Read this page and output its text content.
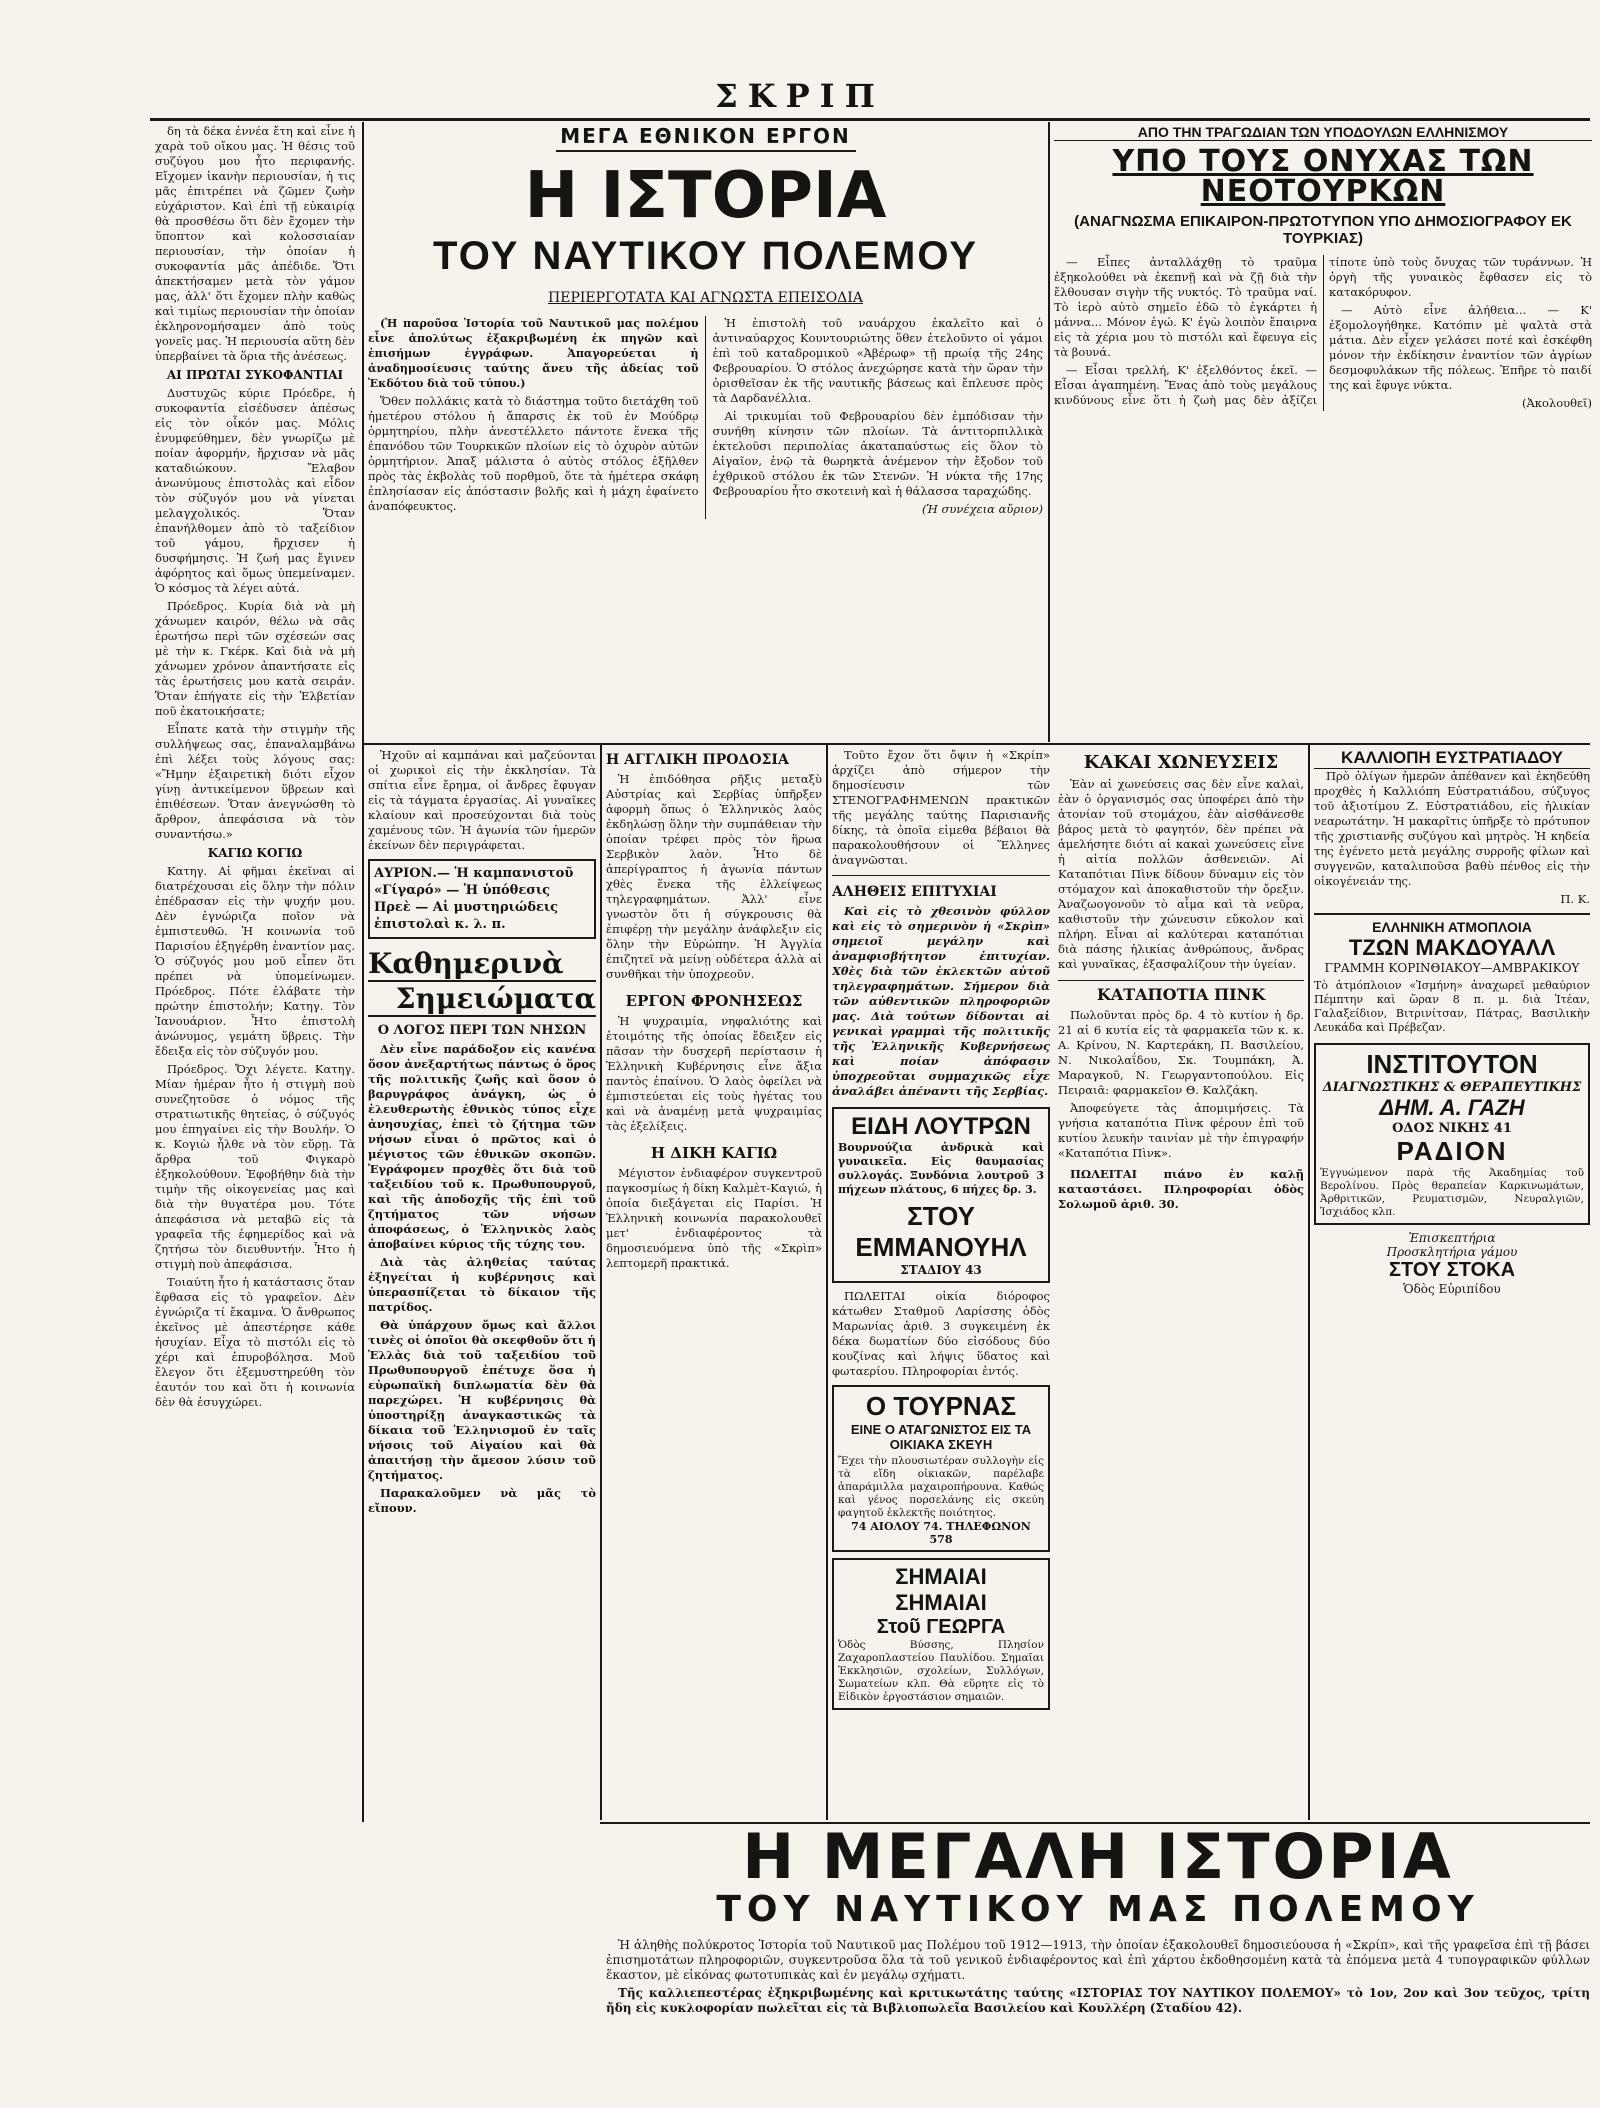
ΣΚΡΙΠ

δη τὰ δέκα ἐννέα ἔτη καὶ εἶνε ἡ χαρὰ τοῦ οἴκου μας. Ἡ θέσις τοῦ συζύγου μου ἦτο περιφανής. Εἴχομεν ἱκανὴν περιουσίαν, ἡ τις μᾶς ἐπιτρέπει νὰ ζῶμεν ζωὴν εὐχάριστον. Καὶ ἐπὶ τῇ εὐκαιρίᾳ θὰ προσθέσω ὅτι δὲν ἔχομεν τὴν ὕποπτον καὶ κολοσσιαίαν περιουσίαν, τὴν ὁποίαν ἡ συκοφαντία μᾶς ἀπέδιδε. Ὅτι ἀπεκτήσαμεν μετὰ τὸν γάμον μας, ἀλλ' ὅτι ἔχομεν πλὴν καθὼς καὶ τιμίως περιουσίαν τὴν ὁποίαν ἐκληρονομήσαμεν ἀπὸ τοὺς γονεῖς μας. Ἡ περιουσία αὕτη δὲν ὑπερβαίνει τὰ ὅρια τῆς ἀνέσεως.

ΑΙ ΠΡΩΤΑΙ ΣΥΚΟΦΑΝΤΙΑΙ

Δυστυχῶς κύριε Πρόεδρε, ἡ συκοφαντία εἰσέδυσεν ἀπέσως εἰς τὸν οἶκόν μας. Μόλις ἐνυμφεύθημεν, δὲν γνωρίζω μὲ ποίαν ἀφορμήν, ἤρχισαν νὰ μᾶς καταδιώκουν. Ἔλαβον ἀνωνύμους ἐπιστολὰς καὶ εἶδον τὸν σύζυγόν μου νὰ γίνεται μελαγχολικός. Ὅταν ἐπανήλθομεν ἀπὸ τὸ ταξείδιον τοῦ γάμου, ἤρχισεν ἡ δυσφήμησις. Ἡ ζωή μας ἔγινεν ἀφόρητος καὶ ὅμως ὑπεμείναμεν. Ὁ κόσμος τὰ λέγει αὐτά.

Πρόεδρος. Κυρία διὰ νὰ μὴ χάνωμεν καιρόν, θέλω νὰ σᾶς ἐρωτήσω περὶ τῶν σχέσεών σας μὲ τὴν κ. Γκέρκ. Καὶ διὰ νὰ μὴ χάνωμεν χρόνον ἀπαντήσατε εἰς τὰς ἐρωτήσεις μου κατὰ σειράν. Ὅταν ἐπήγατε εἰς τὴν Ἐλβετίαν ποῦ ἐκατοικήσατε;

Εἶπατε κατὰ τὴν στιγμὴν τῆς συλλήψεως σας, ἐπαναλαμβάνω ἐπὶ λέξει τοὺς λόγους σας: «Ἤμην ἐξαιρετικὴ διότι εἶχον γίνῃ ἀντικείμενον ὕβρεων καὶ ἐπιθέσεων. Ὅταν ἀνεγνώσθη τὸ ἄρθρον, ἀπεφάσισα νὰ τὸν συναντήσω.»

ΚΑΓΙΩ ΚΟΓΙΩ

Κατηγ. Αἱ φῆμαι ἐκεῖναι αἱ διατρέχουσαι εἰς ὅλην τὴν πόλιν ἐπέδρασαν εἰς τὴν ψυχήν μου. Δὲν ἐγνώριζα ποῖον νὰ ἐμπιστευθῶ. Ἡ κοινωνία τοῦ Παρισίου ἐξηγέρθη ἐναντίον μας. Ὁ σύζυγός μου μοῦ εἶπεν ὅτι πρέπει νὰ ὑπομείνωμεν. Πρόεδρος. Πότε ἐλάβατε τὴν πρώτην ἐπιστολήν; Κατηγ. Τὸν Ἰανουάριον. Ἦτο ἐπιστολὴ ἀνώνυμος, γεμάτη ὕβρεις. Τὴν ἔδειξα εἰς τὸν σύζυγόν μου.

Πρόεδρος. Ὄχι λέγετε. Κατηγ. Μίαν ἡμέραν ἦτο ἡ στιγμὴ ποὺ συνεζητοῦσε ὁ νόμος τῆς στρατιωτικῆς θητείας, ὁ σύζυγός μου ἐπηγαίνει εἰς τὴν Βουλήν. Ὁ κ. Κογιὼ ἦλθε νὰ τὸν εὕρῃ. Τὰ ἄρθρα τοῦ Φιγκαρὸ ἐξηκολούθουν. Ἐφοβήθην διὰ τὴν τιμὴν τῆς οἰκογενείας μας καὶ διὰ τὴν θυγατέρα μου. Τότε ἀπεφάσισα νὰ μεταβῶ εἰς τὰ γραφεῖα τῆς ἐφημερίδος καὶ νὰ ζητήσω τὸν διευθυντήν. Ἦτο ἡ στιγμὴ ποὺ ἀπεφάσισα.

Τοιαύτη ἦτο ἡ κατάστασις ὅταν ἔφθασα εἰς τὸ γραφεῖον. Δὲν ἐγνώριζα τί ἔκαμνα. Ὁ ἄνθρωπος ἐκεῖνος μὲ ἀπεστέρησε κάθε ἡσυχίαν. Εἶχα τὸ πιστόλι εἰς τὸ χέρι καὶ ἐπυροβόλησα. Μοῦ ἔλεγον ὅτι ἐξεμυστηρεύθη τὸν ἑαυτόν του καὶ ὅτι ἡ κοινωνία δὲν θὰ ἐσυγχώρει.

ΜΕΓΑ ΕΘΝΙΚΟΝ ΕΡΓΟΝ
Η ΙΣΤΟΡΙΑ
ΤΟΥ ΝΑΥΤΙΚΟΥ ΠΟΛΕΜΟΥ
ΠΕΡΙΕΡΓΟΤΑΤΑ ΚΑΙ ΑΓΝΩΣΤΑ ΕΠΕΙΣΟΔΙΑ

(Ἡ παροῦσα Ἱστορία τοῦ Ναυτικοῦ μας πολέμου εἶνε ἀπολύτως ἐξακριβωμένη ἐκ πηγῶν καὶ ἐπισήμων ἐγγράφων. Ἀπαγορεύεται ἡ ἀναδημοσίευσις ταύτης ἄνευ τῆς ἀδείας τοῦ Ἐκδότου διὰ τοῦ τύπου.)

Ὅθεν πολλάκις κατὰ τὸ διάστημα τοῦτο διετάχθη τοῦ ἡμετέρου στόλου ἡ ἄπαρσις ἐκ τοῦ ἐν Μούδρῳ ὁρμητηρίου, πλὴν ἀνεστέλλετο πάντοτε ἕνεκα τῆς ἐπανόδου τῶν Τουρκικῶν πλοίων εἰς τὸ ὀχυρὸν αὐτῶν ὁρμητήριον. Ἀπαξ μάλιστα ὁ αὐτὸς στόλος ἐξῆλθεν πρὸς τὰς ἐκβολὰς τοῦ πορθμοῦ, ὅτε τὰ ἡμέτερα σκάφη ἐπλησίασαν εἰς ἀπόστασιν βολῆς καὶ ἡ μάχη ἐφαίνετο ἀναπόφευκτος.

Ἡ ἐπιστολὴ τοῦ ναυάρχου ἐκαλεῖτο καὶ ὁ ἀντιναύαρχος Κουντουριώτης ὅθεν ἐτελοῦντο οἱ γάμοι ἐπὶ τοῦ καταδρομικοῦ «Ἀβέρωφ» τῇ πρωίᾳ τῆς 24ης Φεβρουαρίου. Ὁ στόλος ἀνεχώρησε κατὰ τὴν ὥραν τὴν ὁρισθεῖσαν ἐκ τῆς ναυτικῆς βάσεως καὶ ἔπλευσε πρὸς τὰ Δαρδανέλλια.

Αἱ τρικυμίαι τοῦ Φεβρουαρίου δὲν ἐμπόδισαν τὴν συνήθη κίνησιν τῶν πλοίων. Τὰ ἀντιτορπιλλικὰ ἐκτελοῦσι περιπολίας ἀκαταπαύστως εἰς ὅλον τὸ Αἰγαῖον, ἐνῷ τὰ θωρηκτὰ ἀνέμενον τὴν ἔξοδον τοῦ ἐχθρικοῦ στόλου ἐκ τῶν Στενῶν. Ἡ νύκτα τῆς 17ης Φεβρουαρίου ἦτο σκοτεινὴ καὶ ἡ θάλασσα ταραχώδης.

(Ἡ συνέχεια αὔριον)

ΑΠΟ ΤΗΝ ΤΡΑΓΩΔΙΑΝ ΤΩΝ ΥΠΟΔΟΥΛΩΝ ΕΛΛΗΝΙΣΜΟΥ
ΥΠΟ ΤΟΥΣ ΟΝΥΧΑΣ ΤΩΝ ΝΕΟΤΟΥΡΚΩΝ
(ΑΝΑΓΝΩΣΜΑ ΕΠΙΚΑΙΡΟΝ-ΠΡΩΤΟΤΥΠΟΝ ΥΠΟ ΔΗΜΟΣΙΟΓΡΑΦΟΥ ΕΚ ΤΟΥΡΚΙΑΣ)

— Εἶπες ἀνταλλάχθῃ τὸ τραῦμα ἐξηκολούθει νὰ ἐκεπνῇ καὶ νὰ ζῇ διὰ τὴν ἔλθουσαν σιγὴν τῆς νυκτός. Τὸ τραῦμα ναί. Τὸ ἱερὸ αὐτὸ σημεῖο ἐδῶ τὸ ἐγκάρτει ἡ μάννα... Μόνον ἐγώ. Κ' ἐγὼ λοιπὸν ἔπαιρνα εἰς τὰ χέρια μου τὸ πιστόλι καὶ ἔφευγα εἰς τὰ βουνά.

— Εἶσαι τρελλή, Κ' ἐξελθόντος ἐκεῖ. — Εἶσαι ἀγαπημένη. Ἔνας ἀπὸ τοὺς μεγάλους κινδύνους εἶνε ὅτι ἡ ζωὴ μας δὲν ἀξίζει τίποτε ὑπὸ τοὺς ὄνυχας τῶν τυράννων. Ἡ ὀργὴ τῆς γυναικὸς ἔφθασεν εἰς τὸ κατακόρυφον.

— Αὐτὸ εἶνε ἀλήθεια... — Κ' ἐξομολογήθηκε. Κατόπιν μὲ ψαλτὰ στὰ μάτια. Δὲν εἶχεν γελάσει ποτέ καὶ ἐσκέφθη μόνον τὴν ἐκδίκησιν ἐναντίον τῶν ἀγρίων δεσμοφυλάκων τῆς πόλεως. Ἐπῆρε τὸ παιδί της καὶ ἔφυγε νύκτα.

(Ἀκολουθεῖ)

Ἠχοῦν αἱ καμπάναι καὶ μαζεύονται οἱ χωρικοὶ εἰς τὴν ἐκκλησίαν. Τὰ σπίτια εἶνε ἔρημα, οἱ ἄνδρες ἔφυγαν εἰς τὰ τάγματα ἐργασίας. Αἱ γυναῖκες κλαίουν καὶ προσεύχονται διὰ τοὺς χαμένους τῶν. Ἡ ἀγωνία τῶν ἡμερῶν ἐκείνων δὲν περιγράφεται.

ΑΥΡΙΟΝ.— Ἡ καμπανιστοῦ «Γίγαρό» — Ἡ ὑπόθεσις Πρεὲ — Αἱ μυστηριώδεις ἐπιστολαὶ κ. λ. π.
Καθημερινὰ
Σημειώματα
Ο ΛΟΓΟΣ ΠΕΡΙ ΤΩΝ ΝΗΣΩΝ

Δὲν εἶνε παράδοξον εἰς κανένα ὅσον ἀνεξαρτήτως πάντως ὁ ὅρος τῆς πολιτικῆς ζωῆς καὶ ὅσον ὁ βαρυγράφος ἀνάγκη, ὡς ὁ ἐλευθερωτὴς ἐθνικὸς τύπος εἶχε ἀνησυχίας, ἐπεὶ τὸ ζήτημα τῶν νήσων εἶναι ὁ πρῶτος καὶ ὁ μέγιστος τῶν ἐθνικῶν σκοπῶν. Ἐγράφομεν προχθὲς ὅτι διὰ τοῦ ταξειδίου τοῦ κ. Πρωθυπουργοῦ, καὶ τῆς ἀποδοχῆς τῆς ἐπὶ τοῦ ζητήματος τῶν νήσων ἀποφάσεως, ὁ Ἑλληνικὸς λαὸς ἀποβαίνει κύριος τῆς τύχης του.

Διὰ τὰς ἀληθείας ταύτας ἐξηγείται ἡ κυβέρνησις καὶ ὑπερασπίζεται τὸ δίκαιον τῆς πατρίδος.

Θὰ ὑπάρχουν ὅμως καὶ ἄλλοι τινὲς οἱ ὁποῖοι θὰ σκεφθοῦν ὅτι ἡ Ἑλλὰς διὰ τοῦ ταξειδίου τοῦ Πρωθυπουργοῦ ἐπέτυχε ὅσα ἡ εὐρωπαϊκὴ διπλωματία δὲν θὰ παρεχώρει. Ἡ κυβέρνησις θὰ ὑποστηρίξῃ ἀναγκαστικῶς τὰ δίκαια τοῦ Ἑλληνισμοῦ ἐν ταῖς νήσοις τοῦ Αἰγαίου καὶ θὰ ἀπαιτήσῃ τὴν ἄμεσον λύσιν τοῦ ζητήματος.

Παρακαλοῦμεν νὰ μᾶς τὸ εἴπουν.

Η ΑΓΓΛΙΚΗ ΠΡΟΔΟΣΙΑ

Ἡ ἐπιδόθησα ρῆξις μεταξὺ Αὐστρίας καὶ Σερβίας ὑπῆρξεν ἀφορμὴ ὅπως ὁ Ἑλληνικὸς λαὸς ἐκδηλώσῃ ὅλην τὴν συμπάθειαν τὴν ὁποίαν τρέφει πρὸς τὸν ἥρωα Σερβικὸν λαὸν. Ἦτο δὲ ἀπερίγραπτος ἡ ἀγωνία πάντων χθὲς ἕνεκα τῆς ἐλλείψεως τηλεγραφημάτων. Ἀλλ' εἶνε γνωστὸν ὅτι ἡ σύγκρουσις θὰ ἐπιφέρῃ τὴν μεγάλην ἀνάφλεξιν εἰς ὅλην τὴν Εὐρώπην. Ἡ Ἀγγλία ἐπιζητεῖ νὰ μείνῃ οὐδέτερα ἀλλὰ αἱ συνθῆκαι τὴν ὑποχρεοῦν.

ΕΡΓΟΝ ΦΡΟΝΗΣΕΩΣ

Ἡ ψυχραιμία, νηφαλιότης καὶ ἑτοιμότης τῆς ὁποίας ἔδειξεν εἰς πᾶσαν τὴν δυσχερῆ περίστασιν ἡ Ἑλληνικὴ Κυβέρνησις εἶνε ἄξια παντὸς ἐπαίνου. Ὁ λαὸς ὀφείλει νὰ ἐμπιστεύεται εἰς τοὺς ἡγέτας του καὶ νὰ ἀναμένῃ μετὰ ψυχραιμίας τὰς ἐξελίξεις.

Η ΔΙΚΗ ΚΑΓΙΩ

Μέγιστον ἐνδιαφέρον συγκεντροῦ παγκοσμίως ἡ δίκη Καλμὲτ-Καγιώ, ἡ ὁποία διεξάγεται εἰς Παρίσι. Ἡ Ἑλληνικὴ κοινωνία παρακολουθεῖ μετ' ἐνδιαφέροντος τὰ δημοσιευόμενα ὑπὸ τῆς «Σκρὶπ» λεπτομερῆ πρακτικά.

Τοῦτο ἔχον ὅτι ὄψιν ἡ «Σκρίπ» ἀρχίζει ἀπὸ σήμερον τὴν δημοσίευσιν τῶν ΣΤΕΝΟΓΡΑΦΗΜΕΝΩΝ πρακτικῶν τῆς μεγάλης ταύτης Παρισιανῆς δίκης, τὰ ὁποῖα εἰμεθα βέβαιοι θὰ παρακολουθήσουν οἱ Ἕλληνες ἀναγνῶσται.

ΑΛΗΘΕΙΣ ΕΠΙΤΥΧΙΑΙ

Καὶ εἰς τὸ χθεσινὸν φύλλον καὶ εἰς τὸ σημερινὸν ἡ «Σκρὶπ» σημειοῖ μεγάλην καὶ ἀναμφισβήτητον ἐπιτυχίαν. Χθὲς διὰ τῶν ἐκλεκτῶν αὐτοῦ τηλεγραφημάτων. Σήμερον διὰ τῶν αὐθεντικῶν πληροφοριῶν μας. Διὰ τούτων δίδονται αἱ γενικαὶ γραμμαὶ τῆς πολιτικῆς τῆς Ἑλληνικῆς Κυβερνήσεως καὶ ποίαν ἀπόφασιν ὑποχρεοῦται συμμαχικῶς εἶχε ἀναλάβει ἀπέναντι τῆς Σερβίας.

ΕΙΔΗ ΛΟΥΤΡΩΝ
Βουρνούζια ἀνδρικὰ καὶ γυναικεῖα. Εἰς θαυμασίας συλλογάς. Ξυνδόνια λουτροῦ 3 πήχεων πλάτους, 6 πήχες δρ. 3.
ΣΤΟΥ ΕΜΜΑΝΟΥΗΛ
ΣΤΑΔΙΟΥ 43

ΠΩΛΕΙΤΑΙ οἰκία διόροφος κάτωθεν Σταθμοῦ Λαρίσσης ὁδὸς Μαρωνίας ἀριθ. 3 συγκειμένη ἐκ δέκα δωματίων δύο εἰσόδους δύο κουζίνας καὶ λήψις ὕδατος καὶ φωταερίου. Πληροφορίαι ἐντός.

Ο ΤΟΥΡΝΑΣ
ΕΙΝΕ Ο ΑΤΑΓΩΝΙΣΤΟΣ ΕΙΣ ΤΑ ΟΙΚΙΑΚΑ ΣΚΕΥΗ
Ἔχει τὴν πλουσιωτέραν συλλογὴν εἰς τὰ εἴδη οἰκιακῶν, παρέλαβε ἀπαράμιλλα μαχαιροπήρουνα. Καθώς καὶ γένος πορσελάνης εἰς σκεύη φαγητοῦ ἐκλεκτῆς ποιότητος.
74 ΑΙΟΛΟΥ 74. ΤΗΛΕΦΩΝΟΝ 578
ΣΗΜΑΙΑΙ
ΣΗΜΑΙΑΙ
Στοῦ ΓΕΩΡΓΑ
Ὁδὸς Βύσσης, Πλησίον Ζαχαροπλαστείου Παυλίδου. Σημαῖαι Ἐκκλησιῶν, σχολείων, Συλλόγων, Σωματείων κλπ. Θὰ εὕρητε εἰς τὸ Εἰδικὸν ἐργοστάσιον σημαιῶν.
ΚΑΚΑΙ ΧΩΝΕΥΣΕΙΣ

Ἐὰν αἱ χωνεύσεις σας δὲν εἶνε καλαὶ, ἐὰν ὁ ὀργανισμός σας ὑποφέρει ἀπὸ τὴν ἀτονίαν τοῦ στομάχου, ἐὰν αἰσθάνεσθε βάρος μετὰ τὸ φαγητόν, δὲν πρέπει νὰ ἀμελήσητε διότι αἱ κακαὶ χωνεύσεις εἶνε ἡ αἰτία πολλῶν ἀσθενειῶν. Αἱ Καταπότιαι Πὶνκ δίδουν δύναμιν εἰς τὸν στόμαχον καὶ ἀποκαθιστοῦν τὴν ὄρεξιν. Ἀναζωογονοῦν τὸ αἷμα καὶ τὰ νεῦρα, καθιστοῦν τὴν χώνευσιν εὔκολον καὶ πλήρη. Εἶναι αἱ καλύτεραι καταπότιαι διὰ πάσης ἡλικίας ἀνθρώπους, ἄνδρας καὶ γυναῖκας, ἐξασφαλίζουν τὴν ὑγείαν.

ΚΑΤΑΠΟΤΙΑ ΠΙΝΚ

Πωλοῦνται πρὸς δρ. 4 τὸ κυτίον ἡ δρ. 21 αἱ 6 κυτία εἰς τὰ φαρμακεῖα τῶν κ. κ. Α. Κρίνου, Ν. Καρτεράκη, Π. Βασιλείου, Ν. Νικολαΐδου, Σκ. Τουμπάκη, Ἀ. Μαραγκοῦ, Ν. Γεωργαντοπούλου. Εἰς Πειραιᾶ: φαρμακεῖον Θ. Καλζάκη.

Ἀποφεύγετε τὰς ἀπομιμήσεις. Τὰ γνήσια καταπότια Πὶνκ φέρουν ἐπὶ τοῦ κυτίου λευκὴν ταινίαν μὲ τὴν ἐπιγραφήν «Καταπότια Πὶνκ».

ΠΩΛΕΙΤΑΙ πιάνο ἐν καλῇ καταστάσει. Πληροφορίαι ὁδὸς Σολωμοῦ ἀριθ. 30.

ΚΑΛΛΙΟΠΗ ΕΥΣΤΡΑΤΙΑΔΟΥ

Πρὸ ὀλίγων ἡμερῶν ἀπέθανεν καὶ ἐκηδεύθη προχθὲς ἡ Καλλιόπη Εὐστρατιάδου, σύζυγος τοῦ ἀξιοτίμου Ζ. Εὐστρατιάδου, εἰς ἡλικίαν νεαρωτάτην. Ἡ μακαρῖτις ὑπῆρξε τὸ πρότυπον τῆς χριστιανῆς συζύγου καὶ μητρὸς. Ἡ κηδεία της ἐγένετο μετὰ μεγάλης συρροῆς φίλων καὶ συγγενῶν, καταλιποῦσα βαθὺ πένθος εἰς τὴν οἰκογένειάν της.

Π. Κ.

ΕΛΛΗΝΙΚΗ ΑΤΜΟΠΛΟΙΑ
ΤΖΩΝ ΜΑΚΔΟΥΑΛΛ
ΓΡΑΜΜΗ ΚΟΡΙΝΘΙΑΚΟΥ—ΑΜΒΡΑΚΙΚΟΥ
Τὸ ἀτμόπλοιον «Ἰσμήνη» ἀναχωρεῖ μεθαύριον Πέμπτην καὶ ὥραν 8 π. μ. διὰ Ἰτέαν, Γαλαξείδιον, Βιτρινίτσαν, Πάτρας, Βασιλικὴν Λευκάδα καὶ Πρέβεζαν.
ΙΝΣΤΙΤΟΥΤΟΝ
ΔΙΑΓΝΩΣΤΙΚΗΣ & ΘΕΡΑΠΕΥΤΙΚΗΣ
ΔΗΜ. Α. ΓΑΖΗ
ΟΔΟΣ ΝΙΚΗΣ 41
ΡΑΔΙΟΝ
Ἐγγυώμενον παρὰ τῆς Ἀκαδημίας τοῦ Βερολίνου. Πρὸς θεραπείαν Καρκινωμάτων, Ἀρθριτικῶν, Ρευματισμῶν, Νευραλγιῶν, Ἰσχιάδος κλπ.
Ἐπισκεπτήρια
Προσκλητήρια γάμου
ΣΤΟΥ ΣΤΟΚΑ
Ὁδὸς Εὐριπίδου
Η ΜΕΓΑΛΗ ΙΣΤΟΡΙΑ
ΤΟΥ ΝΑΥΤΙΚΟΥ ΜΑΣ ΠΟΛΕΜΟΥ

Ἡ ἀληθὴς πολύκροτος Ἱστορία τοῦ Ναυτικοῦ μας Πολέμου τοῦ 1912—1913, τὴν ὁποίαν ἐξακολουθεῖ δημοσιεύουσα ἡ «Σκρίπ», καὶ τῆς γραφεῖσα ἐπὶ τῇ βάσει ἐπισημοτάτων πληροφοριῶν, συγκεντροῦσα ὅλα τὰ τοῦ γενικοῦ ἐνδιαφέροντος καὶ ἐπὶ χάρτου ἐκδοθησομένη κατὰ τὰ ἑπόμενα μετὰ 4 τυπογραφικῶν φύλλων ἕκαστον, μὲ εἰκόνας φωτοτυπικὰς καὶ ἐν μεγάλῳ σχήματι.

Τῆς καλλιεπεστέρας ἐξηκριβωμένης καὶ κριτικωτάτης ταύτης «ΙΣΤΟΡΙΑΣ ΤΟΥ ΝΑΥΤΙΚΟΥ ΠΟΛΕΜΟΥ» τὸ 1ον, 2ον καὶ 3ον τεῦχος, τρίτη ἤδη εἰς κυκλοφορίαν πωλεῖται εἰς τὰ Βιβλιοπωλεῖα Βασιλείου καὶ Κουλλέρη (Σταδίου 42).
